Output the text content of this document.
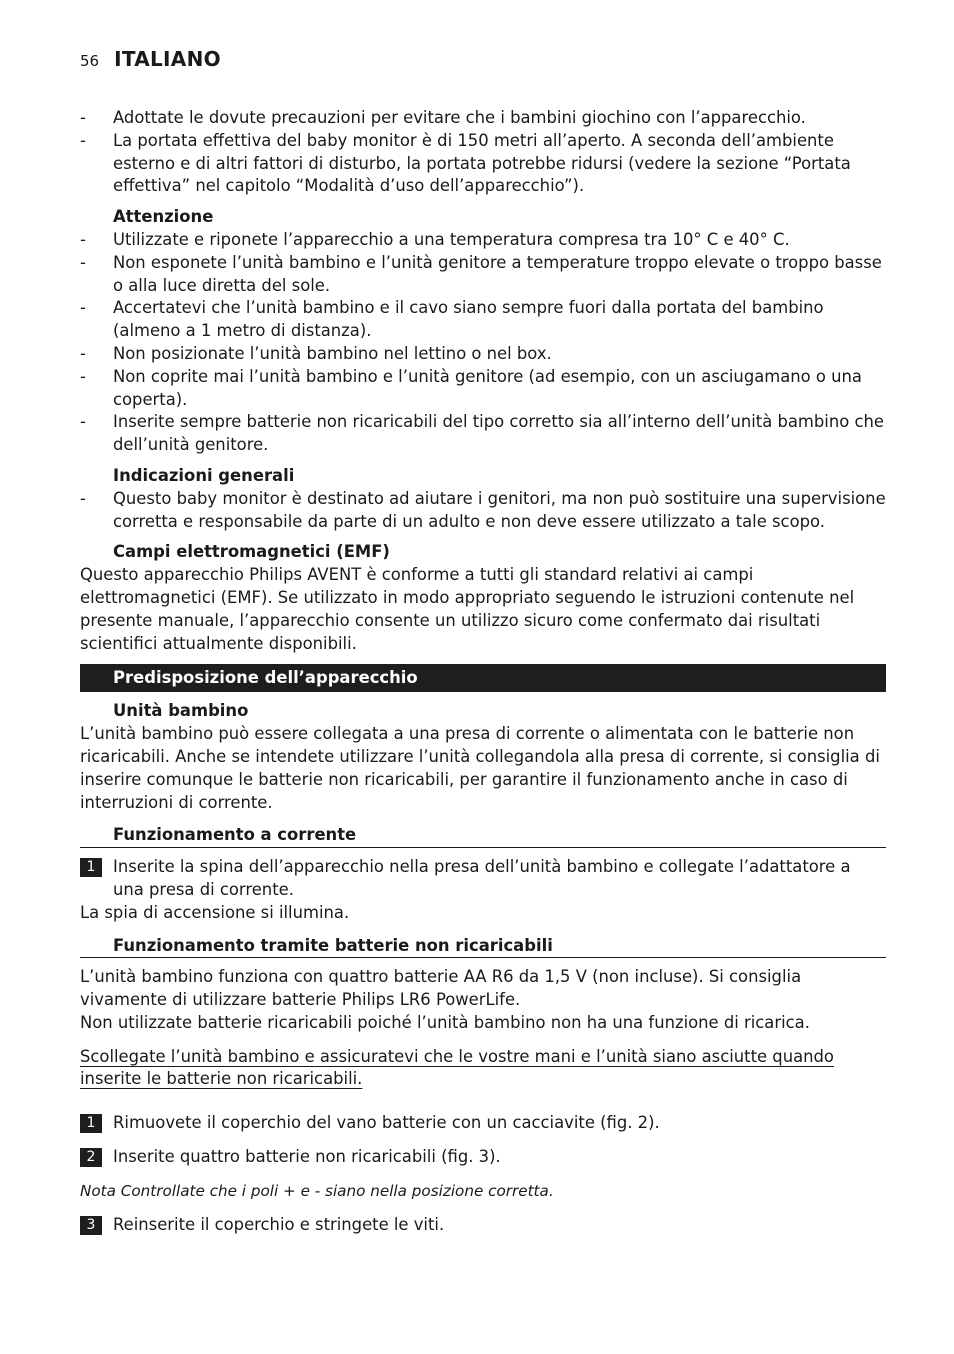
56 ITALIANO
- Adottate le dovute precauzioni per evitare che i bambini giochino con l’apparecchio.
- La portata effettiva del baby monitor è di 150 metri all’aperto. A seconda dell’ambiente esterno e di altri fattori di disturbo, la portata potrebbe ridursi (vedere la sezione “Portata effettiva” nel capitolo “Modalità d’uso dell’apparecchio”).
Attenzione
- Utilizzate e riponete l’apparecchio a una temperatura compresa tra 10° C e 40° C.
- Non esponete l’unità bambino e l’unità genitore a temperature troppo elevate o troppo basse o alla luce diretta del sole.
- Accertatevi che l’unità bambino e il cavo siano sempre fuori dalla portata del bambino (almeno a 1 metro di distanza).
- Non posizionate l’unità bambino nel lettino o nel box.
- Non coprite mai l’unità bambino e l’unità genitore (ad esempio, con un asciugamano o una coperta).
- Inserite sempre batterie non ricaricabili del tipo corretto sia all’interno dell’unità bambino che dell’unità genitore.
Indicazioni generali
- Questo baby monitor è destinato ad aiutare i genitori, ma non può sostituire una supervisione corretta e responsabile da parte di un adulto e non deve essere utilizzato a tale scopo.
Campi elettromagnetici (EMF)

Questo apparecchio Philips AVENT è conforme a tutti gli standard relativi ai campi elettromagnetici (EMF). Se utilizzato in modo appropriato seguendo le istruzioni contenute nel presente manuale, l’apparecchio consente un utilizzo sicuro come confermato dai risultati scientifici attualmente disponibili.

Predisposizione dell’apparecchio
Unità bambino

L’unità bambino può essere collegata a una presa di corrente o alimentata con le batterie non ricaricabili. Anche se intendete utilizzare l’unità collegandola alla presa di corrente, si consiglia di inserire comunque le batterie non ricaricabili, per garantire il funzionamento anche in caso di interruzioni di corrente.

Funzionamento a corrente
1	Inserite la spina dell’apparecchio nella presa dell’unità bambino e collegate l’adattatore a una presa di corrente.

La spia di accensione si illumina.

Funzionamento tramite batterie non ricaricabili

L’unità bambino funziona con quattro batterie AA R6 da 1,5 V (non incluse). Si consiglia vivamente di utilizzare batterie Philips LR6 PowerLife.

Non utilizzate batterie ricaricabili poiché l’unità bambino non ha una funzione di ricarica.

Scollegate l’unità bambino e assicuratevi che le vostre mani e l’unità siano asciutte quando
inserite le batterie non ricaricabili.
1	Rimuovete il coperchio del vano batterie con un cacciavite (fig. 2).
2	Inserite quattro batterie non ricaricabili (fig. 3).
Nota Controllate che i poli + e - siano nella posizione corretta.
3	Reinserite il coperchio e stringete le viti.
